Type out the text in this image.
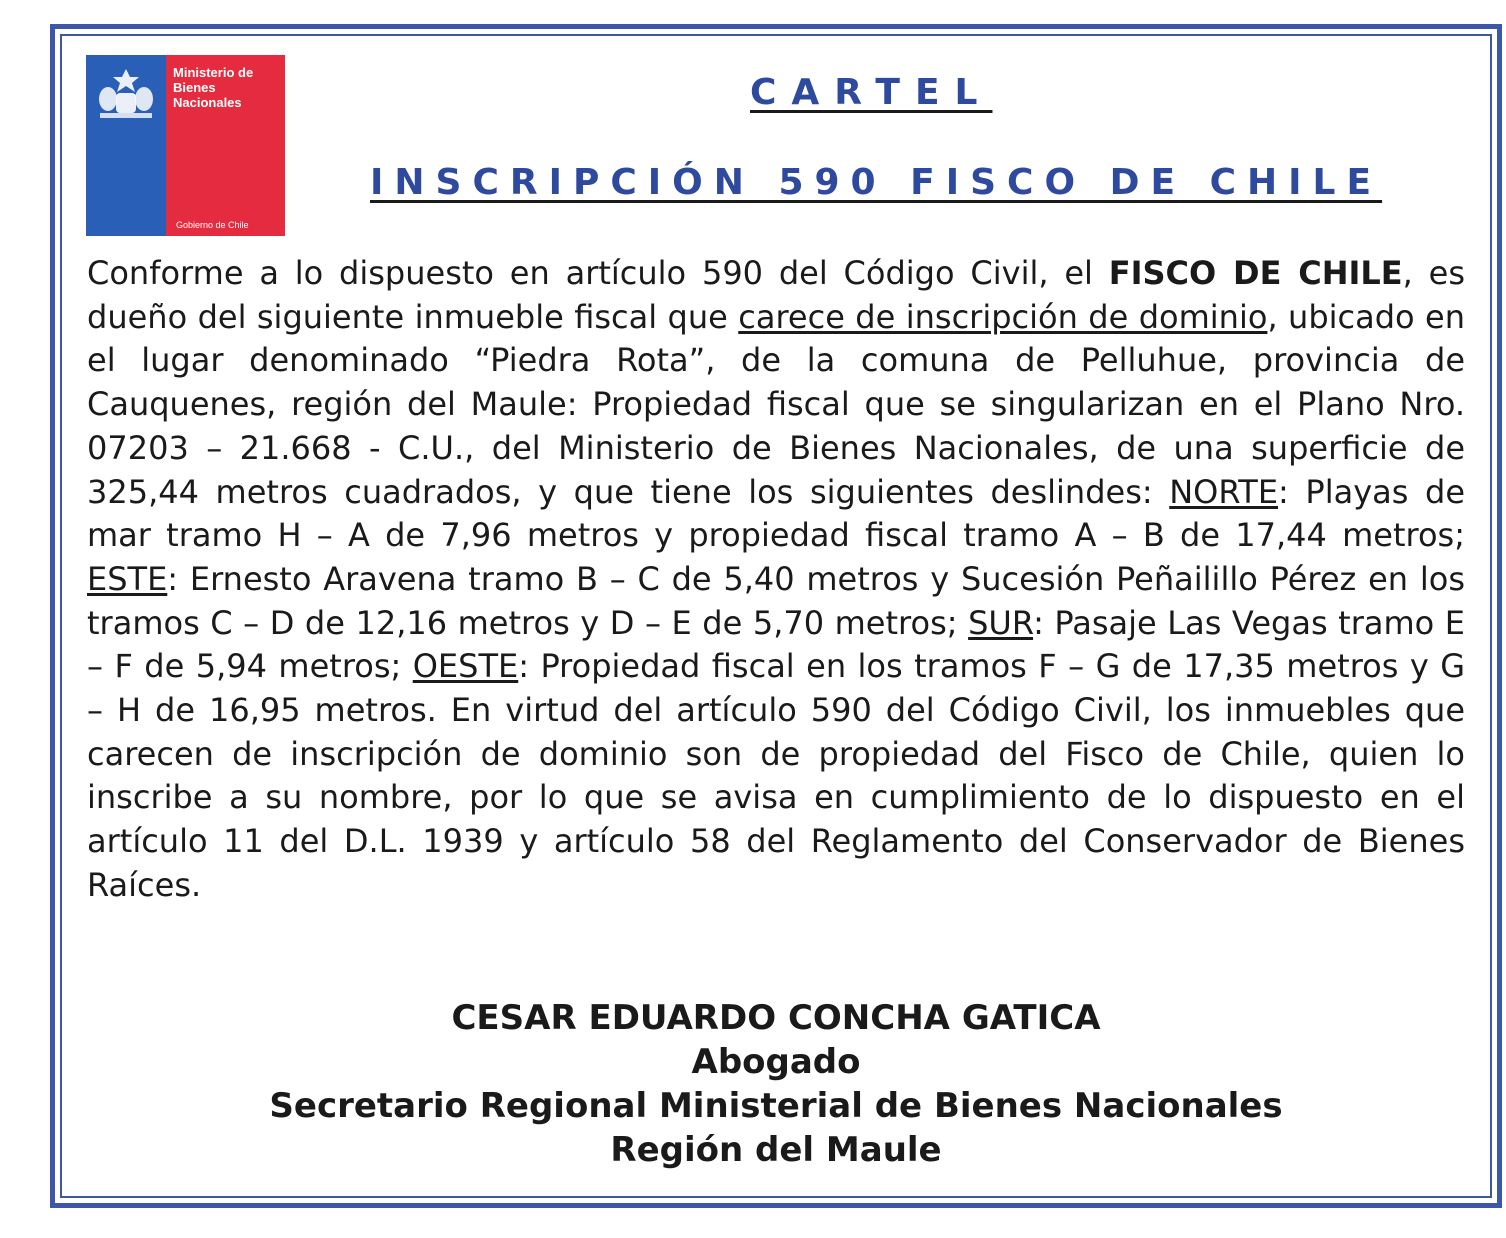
Ministerio de
Bienes
Nacionales
Gobierno de Chile
CARTEL
INSCRIPCIÓN 590 FISCO DE CHILE
Conforme a lo dispuesto en artículo 590 del Código Civil, el FISCO DE CHILE, es dueño del siguiente inmueble fiscal que carece de inscripción de dominio, ubicado en el lugar denominado “Piedra Rota”, de la comuna de Pelluhue, provincia de Cauquenes, región del Maule: Propiedad fiscal que se singularizan en el Plano Nro. 07203 – 21.668 - C.U., del Ministerio de Bienes Nacionales, de una superficie de 325,44 metros cuadrados, y que tiene los siguientes deslindes: NORTE: Playas de mar tramo H – A de 7,96 metros y propiedad fiscal tramo A – B de 17,44 metros; ESTE: Ernesto Aravena tramo B – C de 5,40 metros y Sucesión Peñailillo Pérez en los tramos C – D de 12,16 metros y D – E de 5,70 metros; SUR: Pasaje Las Vegas tramo E – F de 5,94 metros; OESTE: Propiedad fiscal en los tramos F – G de 17,35 metros y G – H de 16,95 metros. En virtud del artículo 590 del Código Civil, los inmuebles que carecen de inscripción de dominio son de propiedad del Fisco de Chile, quien lo inscribe a su nombre, por lo que se avisa en cumplimiento de lo dispuesto en el artículo 11 del D.L. 1939 y artículo 58 del Reglamento del Conservador de Bienes Raíces.
CESAR EDUARDO CONCHA GATICA
Abogado
Secretario Regional Ministerial de Bienes Nacionales
Región del Maule
